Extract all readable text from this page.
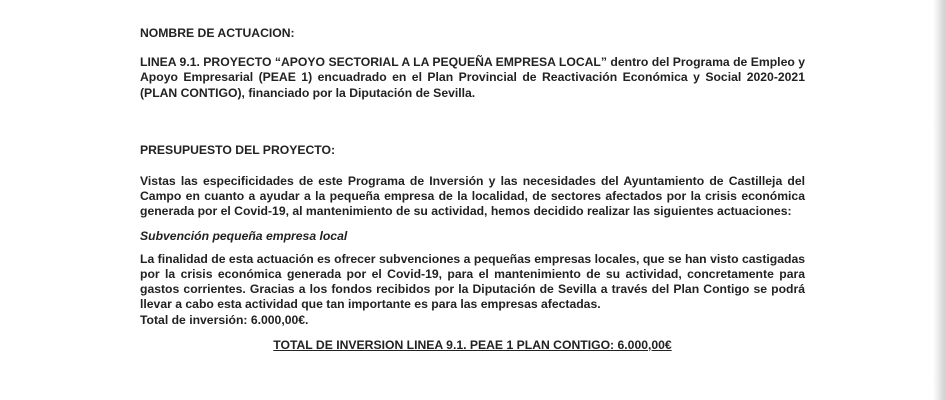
NOMBRE DE ACTUACION:

LINEA 9.1. PROYECTO “APOYO SECTORIAL A LA PEQUEÑA EMPRESA LOCAL” dentro del Programa de Empleo y Apoyo Empresarial (PEAE 1) encuadrado en el Plan Provincial de Reactivación Económica y Social 2020-2021 (PLAN CONTIGO), financiado por la Diputación de Sevilla.

PRESUPUESTO DEL PROYECTO:

Vistas las especificidades de este Programa de Inversión y las necesidades del Ayuntamiento de Castilleja del Campo en cuanto a ayudar a la pequeña empresa de la localidad, de sectores afectados por la crisis económica generada por el Covid-19, al mantenimiento de su actividad, hemos decidido realizar las siguientes actuaciones:

Subvención pequeña empresa local

La finalidad de esta actuación es ofrecer subvenciones a pequeñas empresas locales, que se han visto castigadas por la crisis económica generada por el Covid-19, para el mantenimiento de su actividad, concretamente para gastos corrientes. Gracias a los fondos recibidos por la Diputación de Sevilla a través del Plan Contigo se podrá llevar a cabo esta actividad que tan importante es para las empresas afectadas.

Total de inversión: 6.000,00€.

TOTAL DE INVERSION LINEA 9.1. PEAE 1 PLAN CONTIGO: 6.000,00€
